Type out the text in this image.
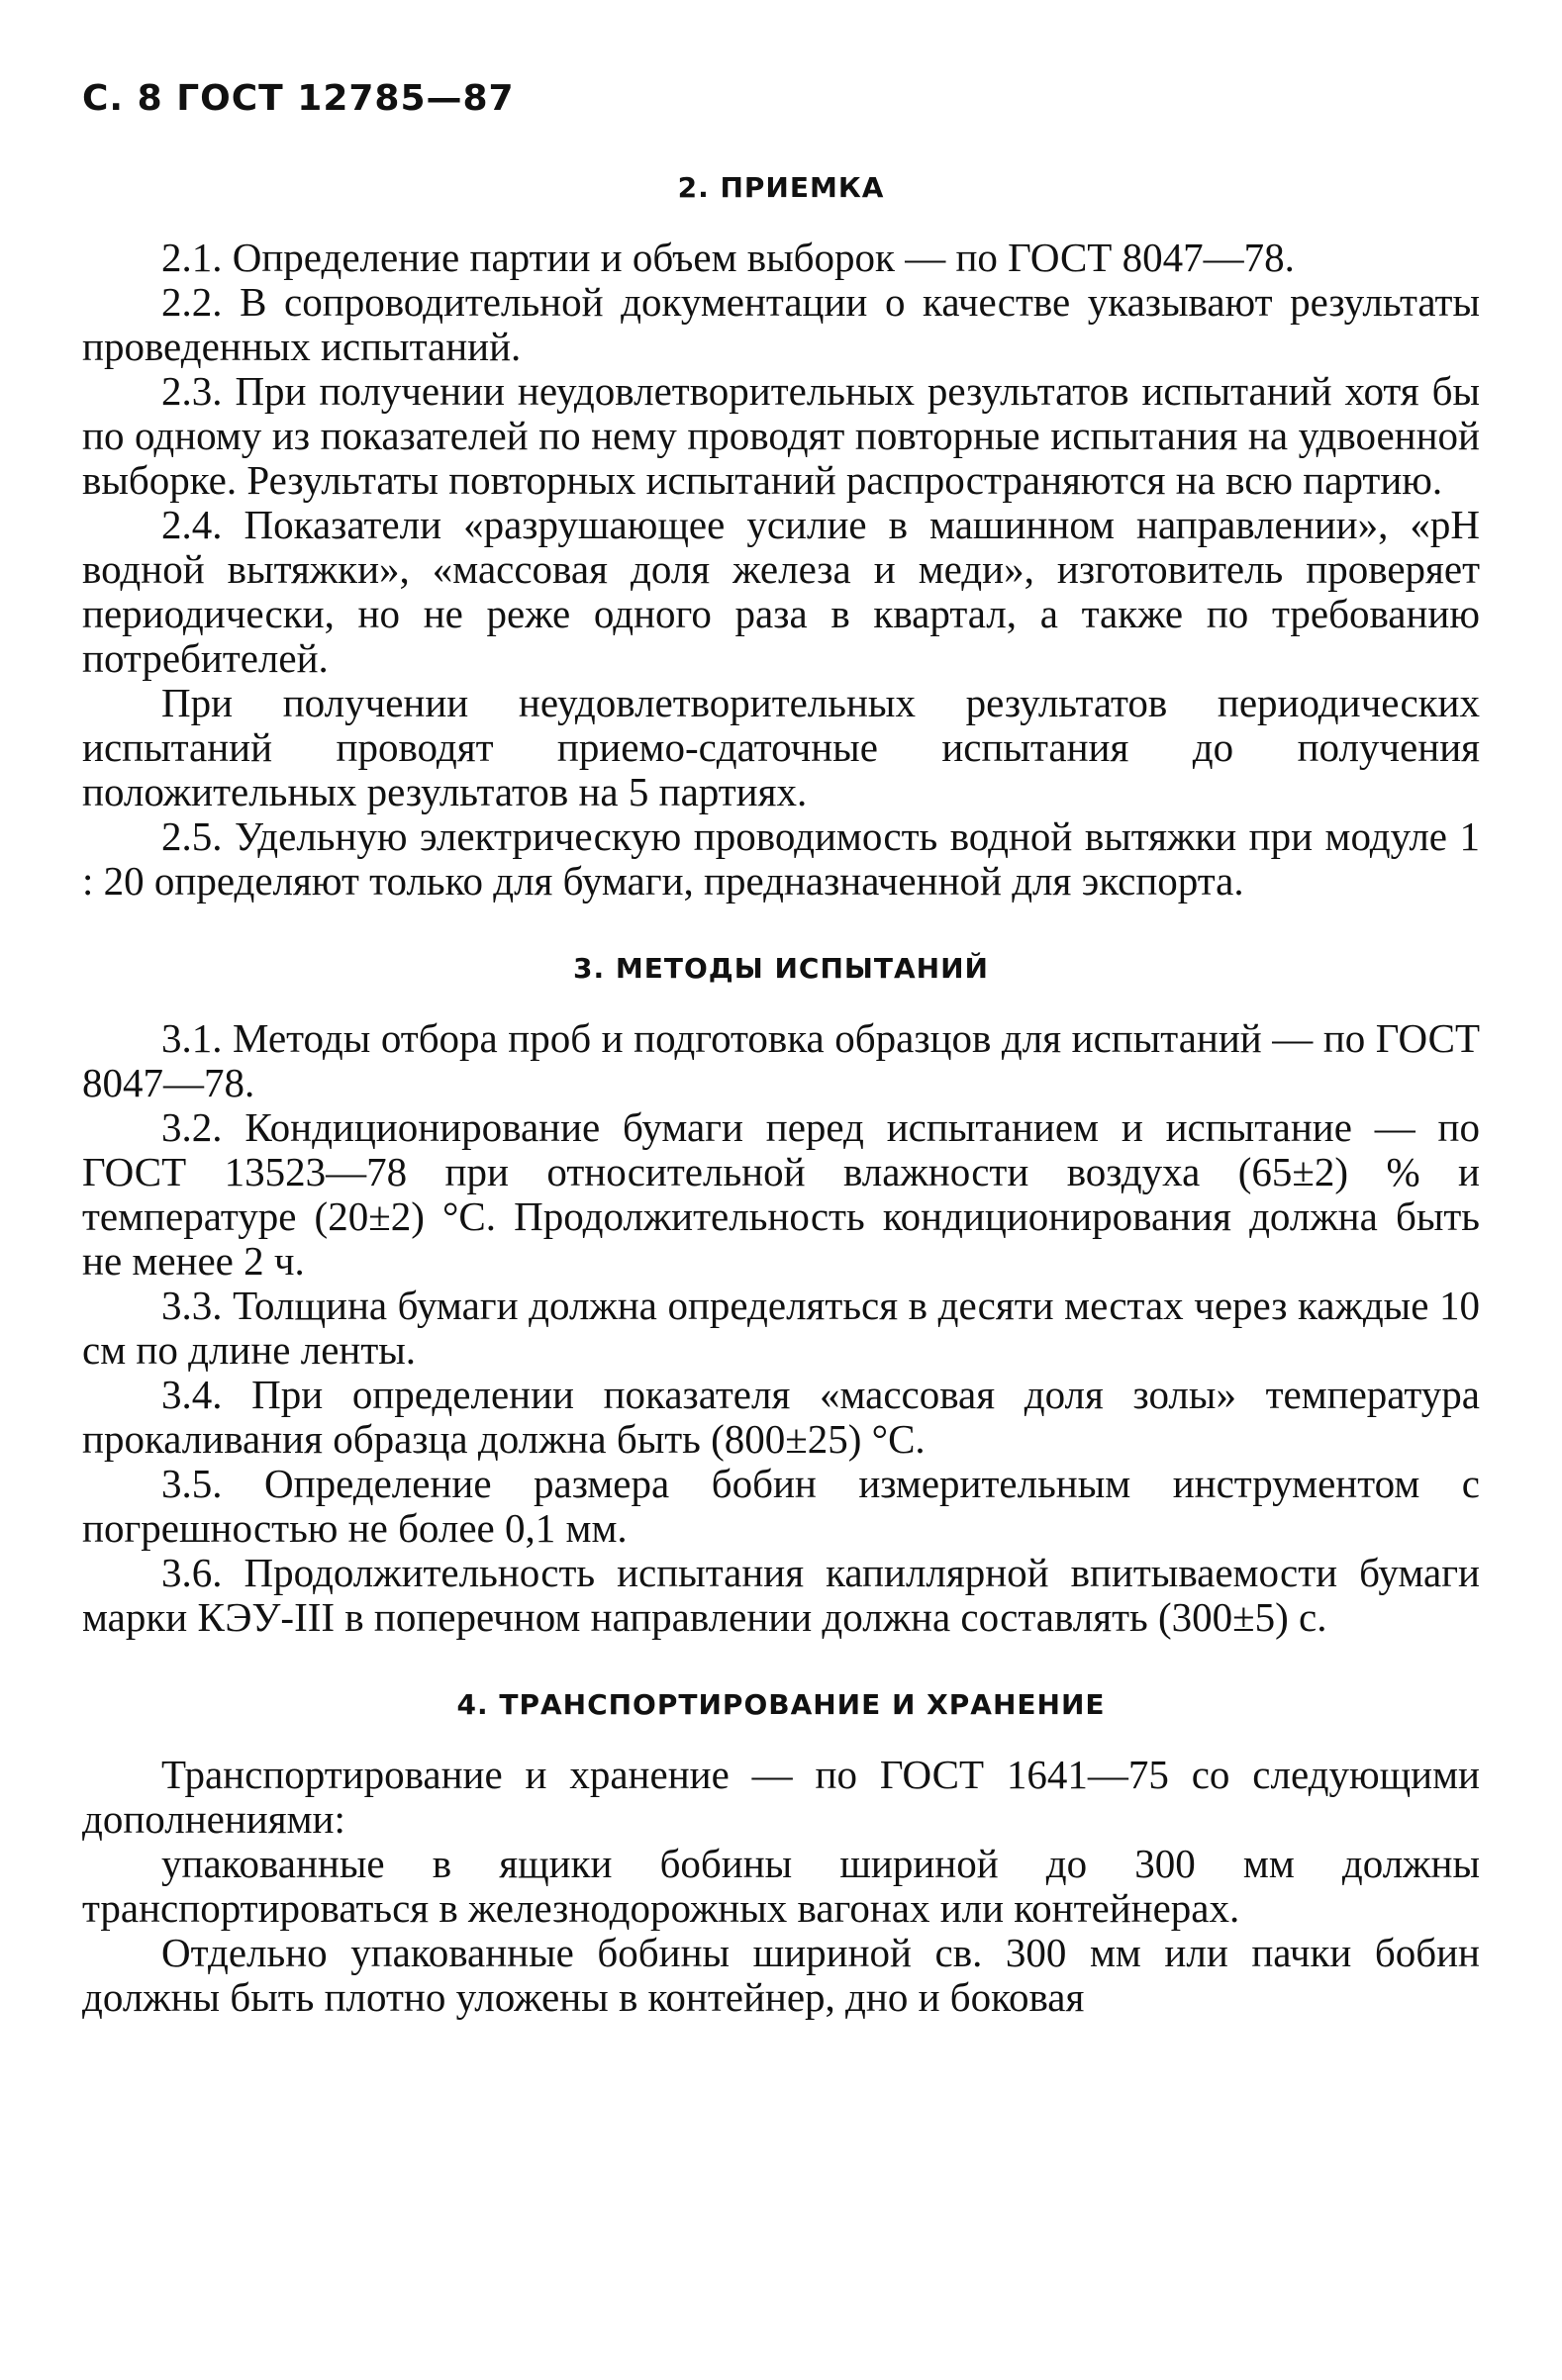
С. 8 ГОСТ 12785—87
2. ПРИЕМКА

2.1. Определение партии и объем выборок — по ГОСТ 8047—78.

2.2. В сопроводительной документации о качестве указывают результаты проведенных испытаний.

2.3. При получении неудовлетворительных результатов испытаний хотя бы по одному из показателей по нему проводят повторные испытания на удвоенной выборке. Результаты повторных испытаний распространяются на всю партию.

2.4. Показатели «разрушающее усилие в машинном направлении», «рН водной вытяжки», «массовая доля железа и меди», изготовитель проверяет периодически, но не реже одного раза в квартал, а также по требованию потребителей.

При получении неудовлетворительных результатов периодических испытаний проводят приемо-сдаточные испытания до получения положительных результатов на 5 партиях.

2.5. Удельную электрическую проводимость водной вытяжки при модуле 1 : 20 определяют только для бумаги, предназначенной для экспорта.

3. МЕТОДЫ ИСПЫТАНИЙ

3.1. Методы отбора проб и подготовка образцов для испытаний — по ГОСТ 8047—78.

3.2. Кондиционирование бумаги перед испытанием и испытание — по ГОСТ 13523—78 при относительной влажности воздуха (65±2) % и температуре (20±2) °С. Продолжительность кондиционирования должна быть не менее 2 ч.

3.3. Толщина бумаги должна определяться в десяти местах через каждые 10 см по длине ленты.

3.4. При определении показателя «массовая доля золы» температура прокаливания образца должна быть (800±25) °С.

3.5. Определение размера бобин измерительным инструментом с погрешностью не более 0,1 мм.

3.6. Продолжительность испытания капиллярной впитываемости бумаги марки КЭУ-III в поперечном направлении должна составлять (300±5) с.

4. ТРАНСПОРТИРОВАНИЕ И ХРАНЕНИЕ

Транспортирование и хранение — по ГОСТ 1641—75 со следующими дополнениями:

упакованные в ящики бобины шириной до 300 мм должны транспортироваться в железнодорожных вагонах или контейнерах.

Отдельно упакованные бобины шириной св. 300 мм или пачки бобин должны быть плотно уложены в контейнер, дно и боковая
